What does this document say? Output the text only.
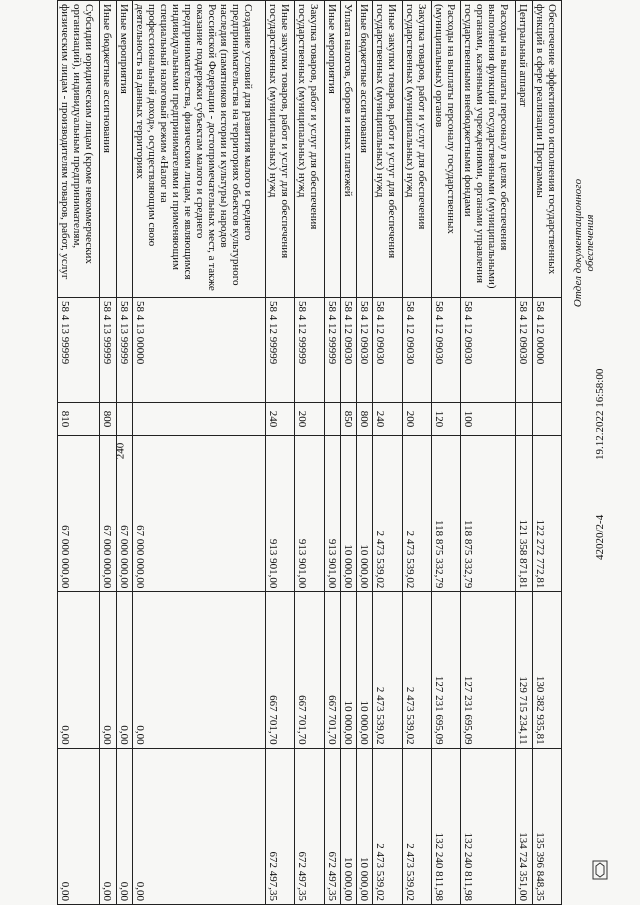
240
Обеспечение эффективного исполнения государственных функций в сфере реализации Программы	58 4 12 00000		122 272 772,81	130 382 935,81	135 396 848,35
Центральный аппарат	58 4 12 09030		121 358 871,81	129 715 234,11	134 724 351,00
Расходы на выплаты персоналу в целях обеспечения выполнения функций государственными (муниципальными) органами, казенными учреждениями, органами управления государственными внебюджетными фондами	58 4 12 09030	100	118 875 332,79	127 231 695,09	132 240 811,98
Расходы на выплаты персоналу государственных (муниципальных) органов	58 4 12 09030	120	118 875 332,79	127 231 695,09	132 240 811,98
Закупка товаров, работ и услуг для обеспечения государственных (муниципальных) нужд	58 4 12 09030	200	2 473 539,02	2 473 539,02	2 473 539,02
Иные закупки товаров, работ и услуг для обеспечения государственных (муниципальных) нужд	58 4 12 09030	240	2 473 539,02	2 473 539,02	2 473 539,02
Иные бюджетные ассигнования	58 4 12 09030	800	10 000,00	10 000,00	10 000,00
Уплата налогов, сборов и иных платежей	58 4 12 09030	850	10 000,00	10 000,00	10 000,00
Иные мероприятия	58 4 12 99999		913 901,00	667 701,70	672 497,35
Закупка товаров, работ и услуг для обеспечения государственных (муниципальных) нужд	58 4 12 99999	200	913 901,00	667 701,70	672 497,35
Иные закупки товаров, работ и услуг для обеспечения государственных (муниципальных) нужд	58 4 12 99999	240	913 901,00	667 701,70	672 497,35
Создание условий для развития малого и среднего предпринимательства на территориях объектов культурного наследия (памятников истории и культуры) народов Российской Федерации - достопримечательных мест, а также оказание поддержки субъектам малого и среднего предпринимательства, физическим лицам, не являющимся индивидуальными предпринимателями и применяющим специальный налоговый режим «Налог на профессиональный доход», осуществляющим свою деятельность на данных территориях	58 4 13 00000		67 000 000,00	0,00	0,00
Иные мероприятия	58 4 13 99999		67 000 000,00	0,00	0,00
Иные бюджетные ассигнования	58 4 13 99999	800	67 000 000,00	0,00	0,00
Субсидии юридическим лицам (кроме некоммерческих организаций), индивидуальным предпринимателям, физическим лицам - производителям товаров, работ, услуг	58 4 13 99999	810	67 000 000,00	0,00	0,00
Отдел документационного обеспечения
19.12.2022 16:58:00
42020/2-4
